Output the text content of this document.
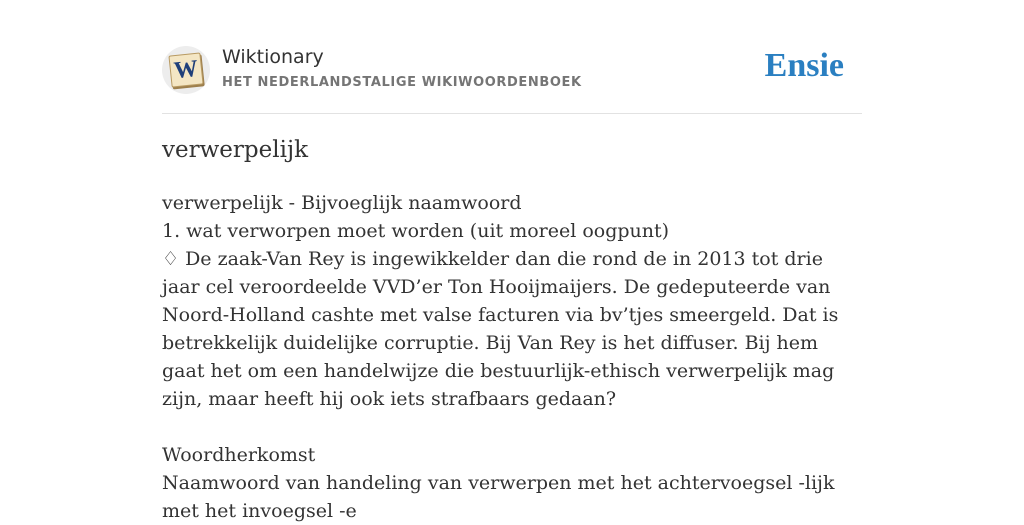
W Wiktionary
HET NEDERLANDSTALIGE WIKIWOORDENBOEK	Ensie
verwerpelijk

verwerpelijk - Bijvoeglijk naamwoord

1. wat verworpen moet worden (uit moreel oogpunt)

♢ De zaak-Van Rey is ingewikkelder dan die rond de in 2013 tot drie jaar cel veroordeelde VVD’er Ton Hooijmaijers. De gedeputeerde van Noord-Holland cashte met valse facturen via bv’tjes smeergeld. Dat is betrekkelijk duidelijke corruptie. Bij Van Rey is het diffuser. Bij hem gaat het om een handelwijze die bestuurlijk-ethisch verwerpelijk mag zijn, maar heeft hij ook iets strafbaars gedaan?

Woordherkomst

Naamwoord van handeling van verwerpen met het achtervoegsel -lijk met het invoegsel -e
